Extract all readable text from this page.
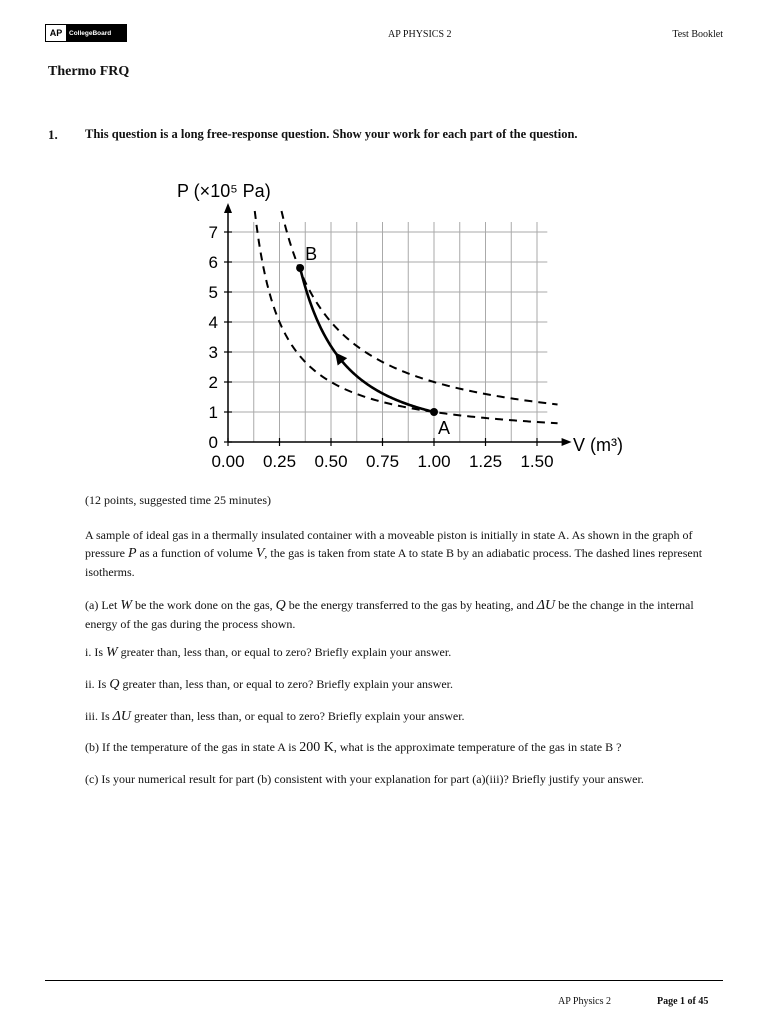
AP	CollegeBoard	AP PHYSICS 2	Test Booklet
Thermo FRQ
1. This question is a long free-response question. Show your work for each part of the question.
0.00 0.25 0.50 0.75 1.00 1.25 1.50
0
1
2
3
4
5
6
7
A
B
P (×10⁵ Pa)
V (m³)
(12 points, suggested time 25 minutes)
A sample of ideal gas in a thermally insulated container with a moveable piston is initially in state A. As shown in the graph of pressure P as a function of volume V, the gas is taken from state A to state B by an adiabatic process. The dashed lines represent isotherms.
(a) Let W be the work done on the gas, Q be the energy transferred to the gas by heating, and ΔU be the change in the internal energy of the gas during the process shown.
i. Is W greater than, less than, or equal to zero? Briefly explain your answer.
ii. Is Q greater than, less than, or equal to zero? Briefly explain your answer.
iii. Is ΔU greater than, less than, or equal to zero? Briefly explain your answer.
(b) If the temperature of the gas in state A is 200 K, what is the approximate temperature of the gas in state B ?
(c) Is your numerical result for part (b) consistent with your explanation for part (a)(iii)? Briefly justify your answer.
AP Physics 2	Page 1 of 45
